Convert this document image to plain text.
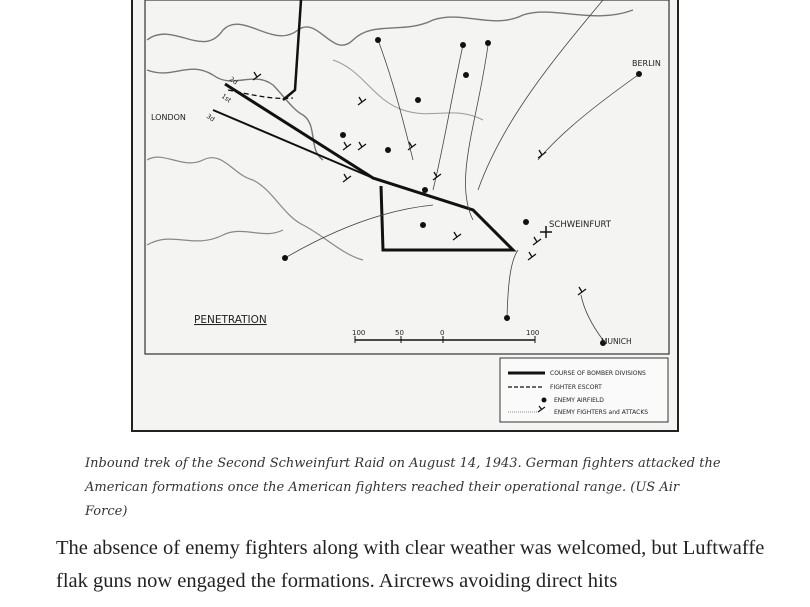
LONDON
BERLIN
SCHWEINFURT
MUNICH
1st
2d
3d
PENETRATION
100	50	0	100
COURSE OF BOMBER DIVISIONS
FIGHTER ESCORT
ENEMY AIRFIELD
ENEMY FIGHTERS and ATTACKS
Inbound trek of the Second Schweinfurt Raid on August 14, 1943. German fighters attacked the American formations once the American fighters reached their operational range. (US Air Force)
The absence of enemy fighters along with clear weather was welcomed, but Luftwaffe flak guns now engaged the formations. Aircrews avoiding direct hits
